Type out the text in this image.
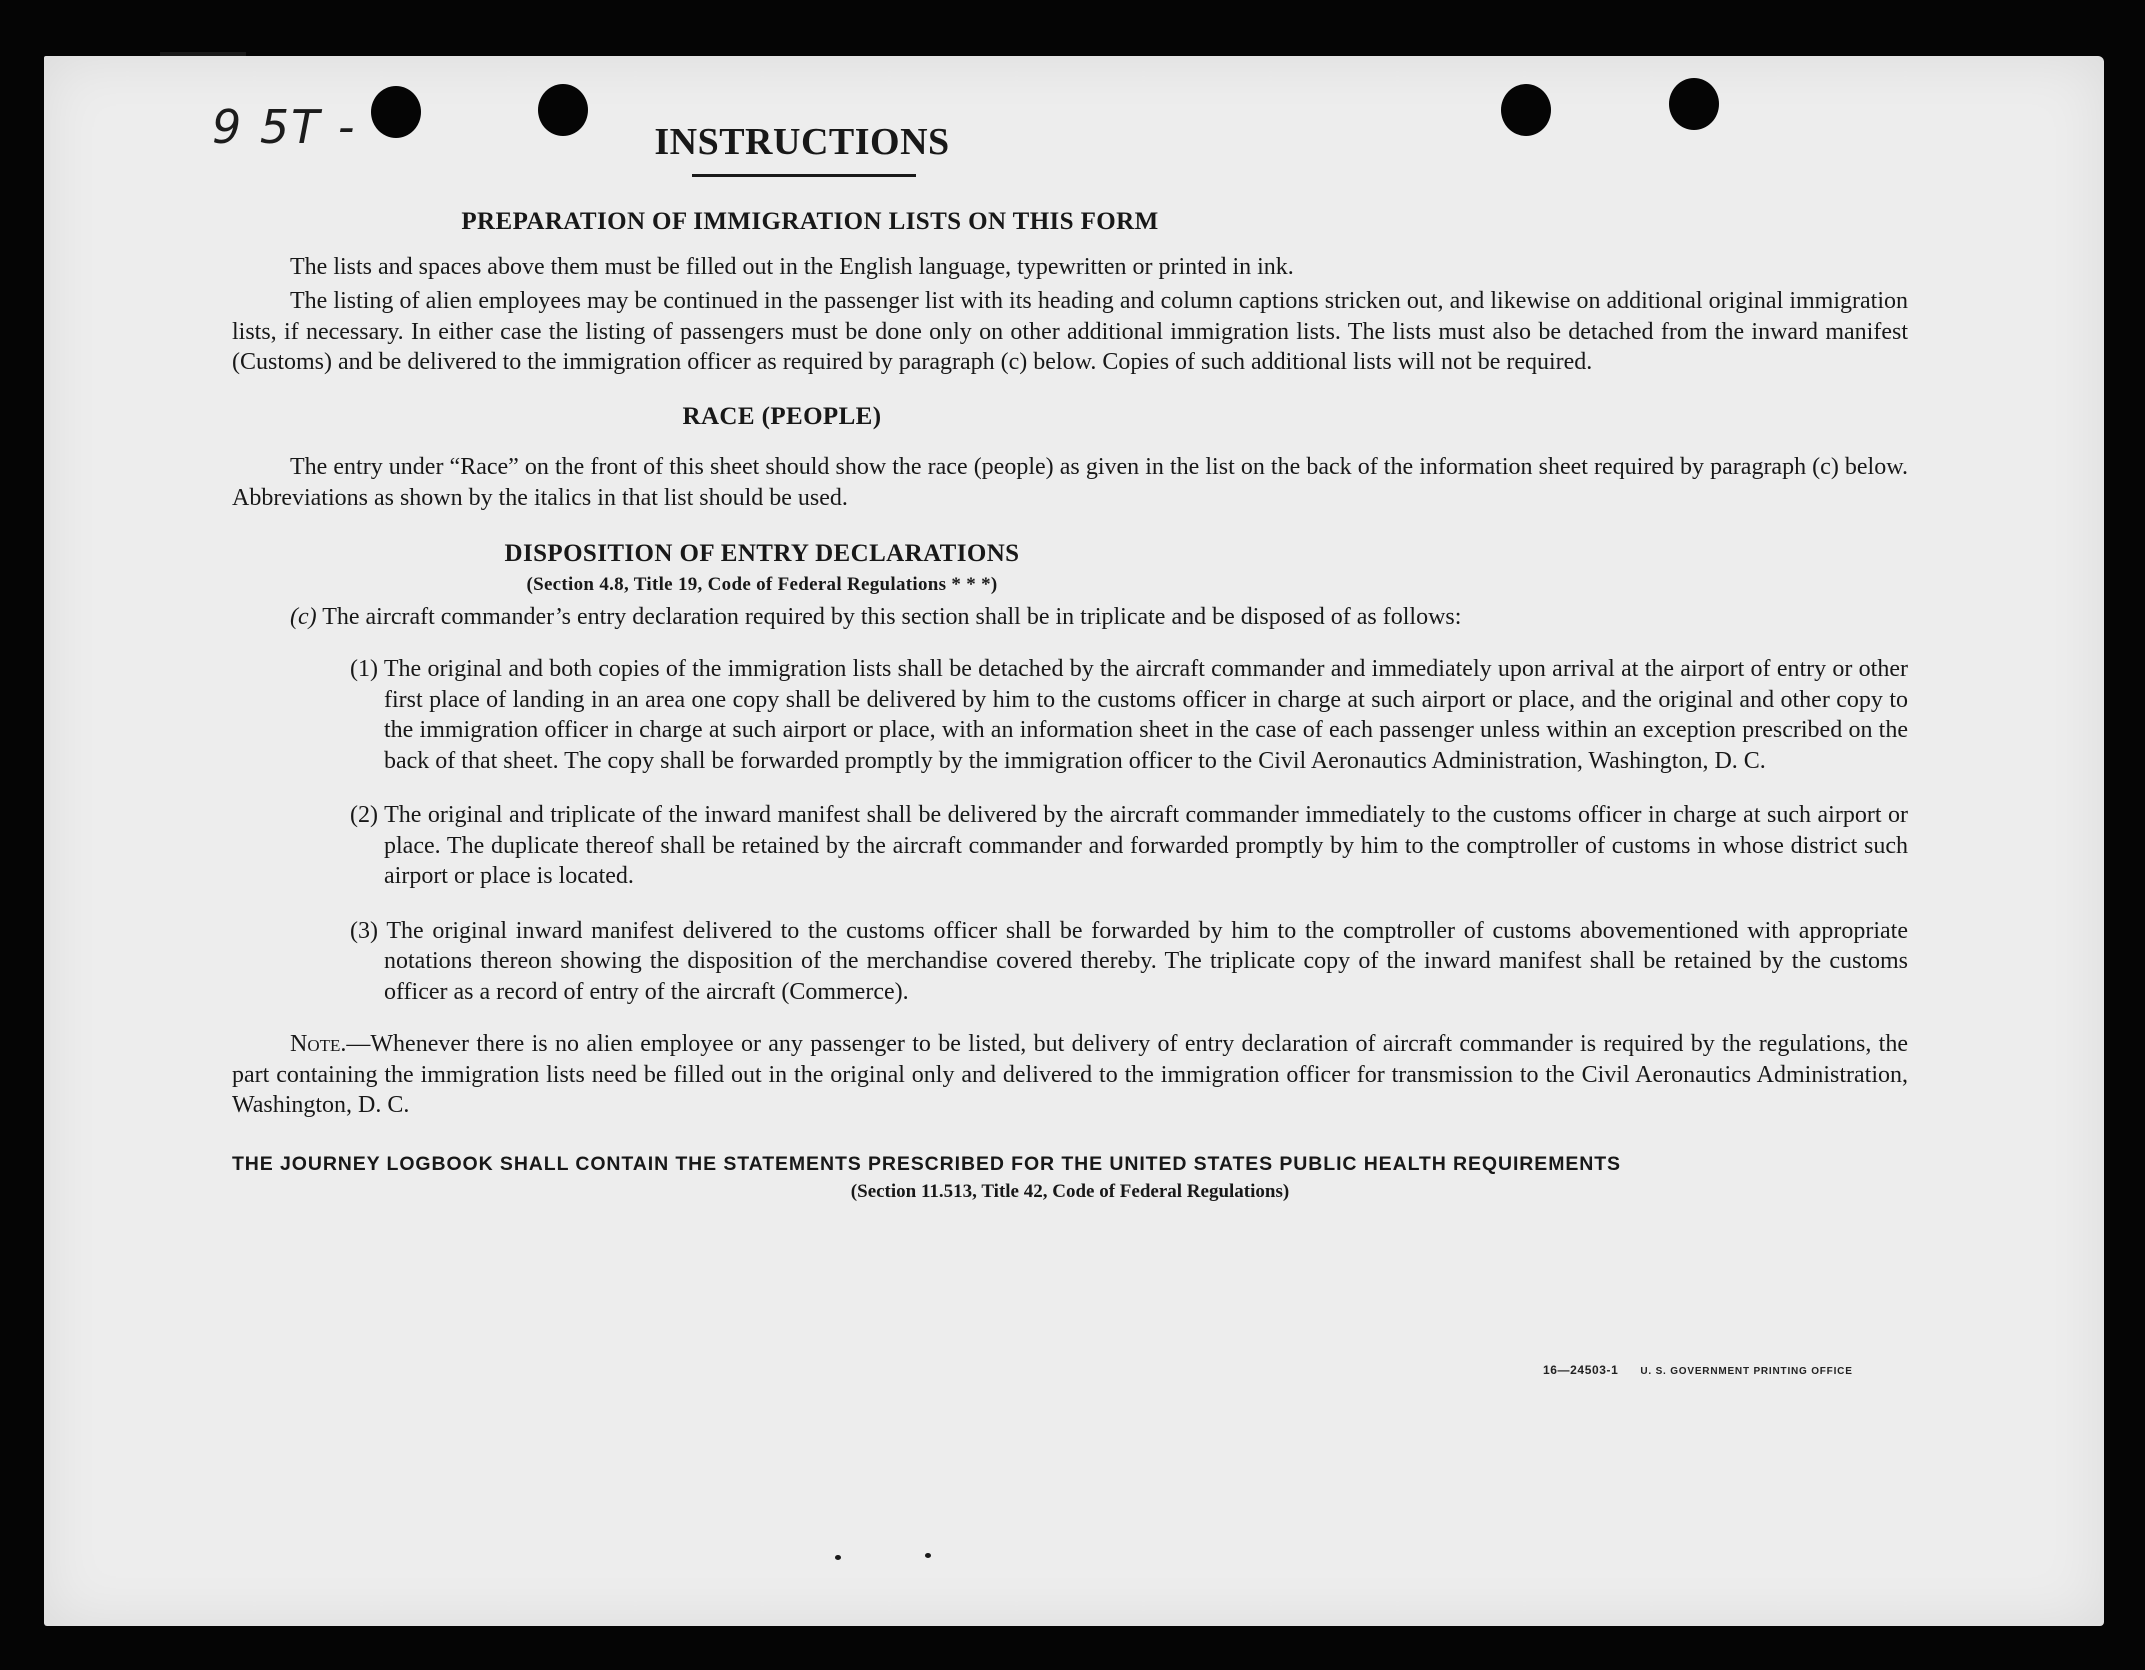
9 5T -	INSTRUCTIONS
PREPARATION OF IMMIGRATION LISTS ON THIS FORM

The lists and spaces above them must be filled out in the English language, typewritten or printed in ink.

The listing of alien employees may be continued in the passenger list with its heading and column captions stricken out, and likewise on additional original immigration lists, if necessary. In either case the listing of passengers must be done only on other additional immigration lists. The lists must also be detached from the inward manifest (Customs) and be delivered to the immigration officer as required by paragraph (c) below. Copies of such additional lists will not be required.

RACE (PEOPLE)

The entry under “Race” on the front of this sheet should show the race (people) as given in the list on the back of the information sheet required by paragraph (c) below. Abbreviations as shown by the italics in that list should be used.

DISPOSITION OF ENTRY DECLARATIONS
(Section 4.8, Title 19, Code of Federal Regulations * * *)
(c) The aircraft commander’s entry declaration required by this section shall be in triplicate and be disposed of as follows:
(1) The original and both copies of the immigration lists shall be detached by the aircraft commander and immediately upon arrival at the airport of entry or other first place of landing in an area one copy shall be delivered by him to the customs officer in charge at such airport or place, and the original and other copy to the immigration officer in charge at such airport or place, with an information sheet in the case of each passenger unless within an exception prescribed on the back of that sheet. The copy shall be forwarded promptly by the immigration officer to the Civil Aeronautics Administration, Washington, D. C.
(2) The original and triplicate of the inward manifest shall be delivered by the aircraft commander immediately to the customs officer in charge at such airport or place. The duplicate thereof shall be retained by the aircraft commander and forwarded promptly by him to the comptroller of customs in whose district such airport or place is located.
(3) The original inward manifest delivered to the customs officer shall be forwarded by him to the comptroller of customs abovementioned with appropriate notations thereon showing the disposition of the merchandise covered thereby. The triplicate copy of the inward manifest shall be retained by the customs officer as a record of entry of the aircraft (Commerce).

Note.—Whenever there is no alien employee or any passenger to be listed, but delivery of entry declaration of aircraft commander is required by the regulations, the part containing the immigration lists need be filled out in the original only and delivered to the immigration officer for transmission to the Civil Aeronautics Administration, Washington, D. C.

THE JOURNEY LOGBOOK SHALL CONTAIN THE STATEMENTS PRESCRIBED FOR THE UNITED STATES PUBLIC HEALTH REQUIREMENTS
(Section 11.513, Title 42, Code of Federal Regulations)
16—24503-1 U. S. GOVERNMENT PRINTING OFFICE
